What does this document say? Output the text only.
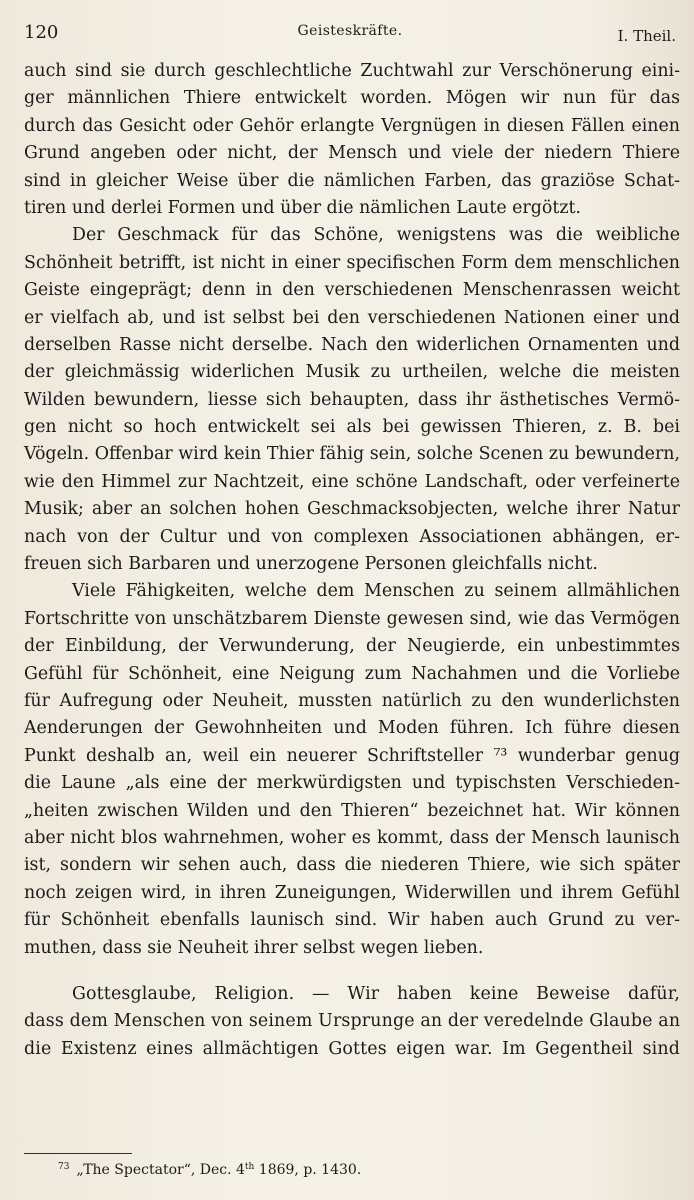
120	Geisteskräfte.	I. Theil.
auch sind sie durch geschlechtliche Zuchtwahl zur Verschönerung eini-
ger männlichen Thiere entwickelt worden. Mögen wir nun für das
durch das Gesicht oder Gehör erlangte Vergnügen in diesen Fällen einen
Grund angeben oder nicht, der Mensch und viele der niedern Thiere
sind in gleicher Weise über die nämlichen Farben, das graziöse Schat-
tiren und derlei Formen und über die nämlichen Laute ergötzt.
Der Geschmack für das Schöne, wenigstens was die weibliche
Schönheit betrifft, ist nicht in einer specifischen Form dem menschlichen
Geiste eingeprägt; denn in den verschiedenen Menschenrassen weicht
er vielfach ab, und ist selbst bei den verschiedenen Nationen einer und
derselben Rasse nicht derselbe. Nach den widerlichen Ornamenten und
der gleichmässig widerlichen Musik zu urtheilen, welche die meisten
Wilden bewundern, liesse sich behaupten, dass ihr ästhetisches Vermö-
gen nicht so hoch entwickelt sei als bei gewissen Thieren, z. B. bei
Vögeln. Offenbar wird kein Thier fähig sein, solche Scenen zu bewundern,
wie den Himmel zur Nachtzeit, eine schöne Landschaft, oder verfeinerte
Musik; aber an solchen hohen Geschmacksobjecten, welche ihrer Natur
nach von der Cultur und von complexen Associationen abhängen, er-
freuen sich Barbaren und unerzogene Personen gleichfalls nicht.
Viele Fähigkeiten, welche dem Menschen zu seinem allmählichen
Fortschritte von unschätzbarem Dienste gewesen sind, wie das Vermögen
der Einbildung, der Verwunderung, der Neugierde, ein unbestimmtes
Gefühl für Schönheit, eine Neigung zum Nachahmen und die Vorliebe
für Aufregung oder Neuheit, mussten natürlich zu den wunderlichsten
Aenderungen der Gewohnheiten und Moden führen. Ich führe diesen
Punkt deshalb an, weil ein neuerer Schriftsteller ⁷³ wunderbar genug
die Laune „als eine der merkwürdigsten und typischsten Verschieden-
„heiten zwischen Wilden und den Thieren“ bezeichnet hat. Wir können
aber nicht blos wahrnehmen, woher es kommt, dass der Mensch launisch
ist, sondern wir sehen auch, dass die niederen Thiere, wie sich später
noch zeigen wird, in ihren Zuneigungen, Widerwillen und ihrem Gefühl
für Schönheit ebenfalls launisch sind. Wir haben auch Grund zu ver-
muthen, dass sie Neuheit ihrer selbst wegen lieben.
Gottesglaube, Religion. — Wir haben keine Beweise dafür,
dass dem Menschen von seinem Ursprunge an der veredelnde Glaube an
die Existenz eines allmächtigen Gottes eigen war. Im Gegentheil sind
$^{73}$ „The Spectator“, Dec. 4th 1869, p. 1430.
